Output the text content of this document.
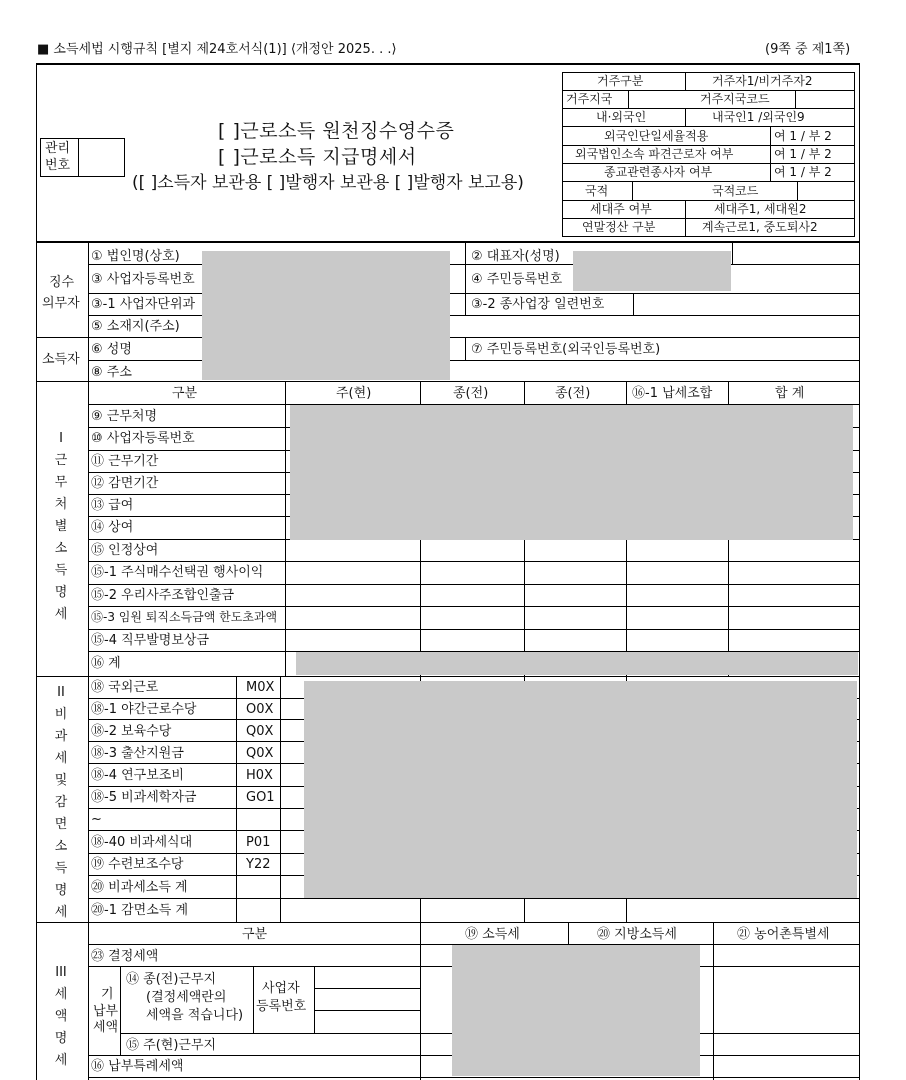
■ 소득세법 시행규칙 [별지 제24호서식(1)] ⟨개정안 2025. . .⟩	(9쪽 중 제1쪽)
관리
번호
[ ]근로소득 원천징수영수증
[ ]근로소득 지급명세서
([ ]소득자 보관용 [ ]발행자 보관용 [ ]발행자 보고용)
거주구분	거주자1/비거주자2
거주지국	거주지국코드
내·외국인	내국인1 /외국인9
외국인단일세율적용	여 1 / 부 2
외국법인소속 파견근로자 여부	여 1 / 부 2
종교관련종사자 여부	여 1 / 부 2
국적	국적코드
세대주 여부	세대주1, 세대원2
연말정산 구분	계속근로1, 중도퇴사2
징수
의무자
① 법인명(상호)	② 대표자(성명)
③ 사업자등록번호	④ 주민등록번호
③-1 사업자단위과	③-2 종사업장 일련번호
⑤ 소재지(주소)
소득자
⑥ 성명	⑦ 주민등록번호(외국인등록번호)
⑧ 주소
I
근
무
처
별
소
득
명
세
구분	주(현)	종(전)	종(전)	⑯-1 납세조합	합 계
⑨ 근무처명
⑩ 사업자등록번호
⑪ 근무기간
⑫ 감면기간
⑬ 급여
⑭ 상여
⑮ 인정상여
⑮-1 주식매수선택권 행사이익
⑮-2 우리사주조합인출금
⑮-3 임원 퇴직소득금액 한도초과액
⑮-4 직무발명보상금
⑯ 계
II
비
과
세
및
감
면
소
득
명
세
⑱ 국외근로	M0X
⑱-1 야간근로수당	O0X
⑱-2 보육수당	Q0X
⑱-3 출산지원금	Q0X
⑱-4 연구보조비	H0X
⑱-5 비과세학자금	GO1
~
⑱-40 비과세식대	P01
⑲ 수련보조수당	Y22
⑳ 비과세소득 계
⑳-1 감면소득 계
III
세
액
명
세
구분	⑲ 소득세	⑳ 지방소득세	㉑ 농어촌특별세
㉓ 결정세액
기
납부
세액
⑭ 종(전)근무지
(결정세액란의
세액을 적습니다)
사업자
등록번호
⑮ 주(현)근무지
⑯ 납부특례세액
